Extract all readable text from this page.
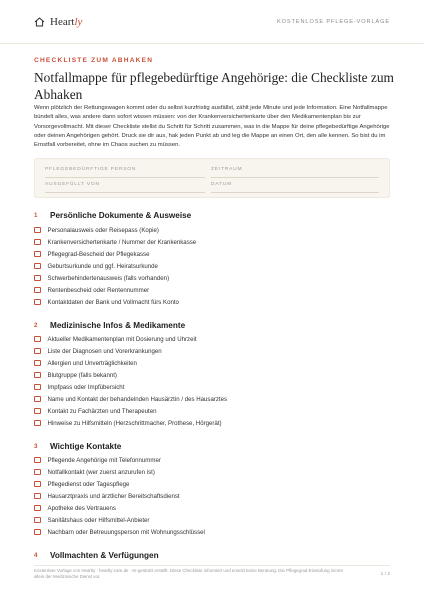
Heartly	KOSTENLOSE PFLEGE-VORLAGE
CHECKLISTE ZUM ABHAKEN
Notfallmappe für pflegebedürftige Angehörige: die Checkliste zum Abhaken

Wenn plötzlich der Rettungswagen kommt oder du selbst kurzfristig ausfällst, zählt jede Minute und jede Information. Eine Notfallmappe bündelt alles, was andere dann sofort wissen müssen: von der Krankenversichertenkarte über den Medikamentenplan bis zur Vorsorgevollmacht. Mit dieser Checkliste stellst du Schritt für Schritt zusammen, was in die Mappe für deine pflegebedürftige Angehörige oder deinen Angehörigen gehört. Druck sie dir aus, hak jeden Punkt ab und leg die Mappe an einen Ort, den alle kennen. So bist du im Ernstfall vorbereitet, ohne im Chaos suchen zu müssen.

PFLEGEBEDÜRFTIGE PERSON	ZEITRAUM
AUSGEFÜLLT VON	DATUM
1	Persönliche Dokumente & Ausweise
Personalausweis oder Reisepass (Kopie)
Krankenversichertenkarte / Nummer der Krankenkasse
Pflegegrad-Bescheid der Pflegekasse
Geburtsurkunde und ggf. Heiratsurkunde
Schwerbehindertenausweis (falls vorhanden)
Rentenbescheid oder Rentennummer
Kontaktdaten der Bank und Vollmacht fürs Konto
2	Medizinische Infos & Medikamente
Aktueller Medikamentenplan mit Dosierung und Uhrzeit
Liste der Diagnosen und Vorerkrankungen
Allergien und Unverträglichkeiten
Blutgruppe (falls bekannt)
Impfpass oder Impfübersicht
Name und Kontakt der behandelnden Hausärztin / des Hausarztes
Kontakt zu Fachärzten und Therapeuten
Hinweise zu Hilfsmitteln (Herzschrittmacher, Prothese, Hörgerät)
3	Wichtige Kontakte
Pflegende Angehörige mit Telefonnummer
Notfallkontakt (wer zuerst anzurufen ist)
Pflegedienst oder Tagespflege
Hausarztpraxis und ärztlicher Bereitschaftsdienst
Apotheke des Vertrauens
Sanitätshaus oder Hilfsmittel-Anbieter
Nachbarn oder Betreuungsperson mit Wohnungsschlüssel
4	Vollmachten & Verfügungen
Kostenlose Vorlage von Heartly · heartly-care.de · KI-gestützt erstellt. Diese Checkliste informiert und ersetzt keine Beratung. Die Pflegegrad-Einstufung nimmt allein der Medizinische Dienst vor.	1 / 2
